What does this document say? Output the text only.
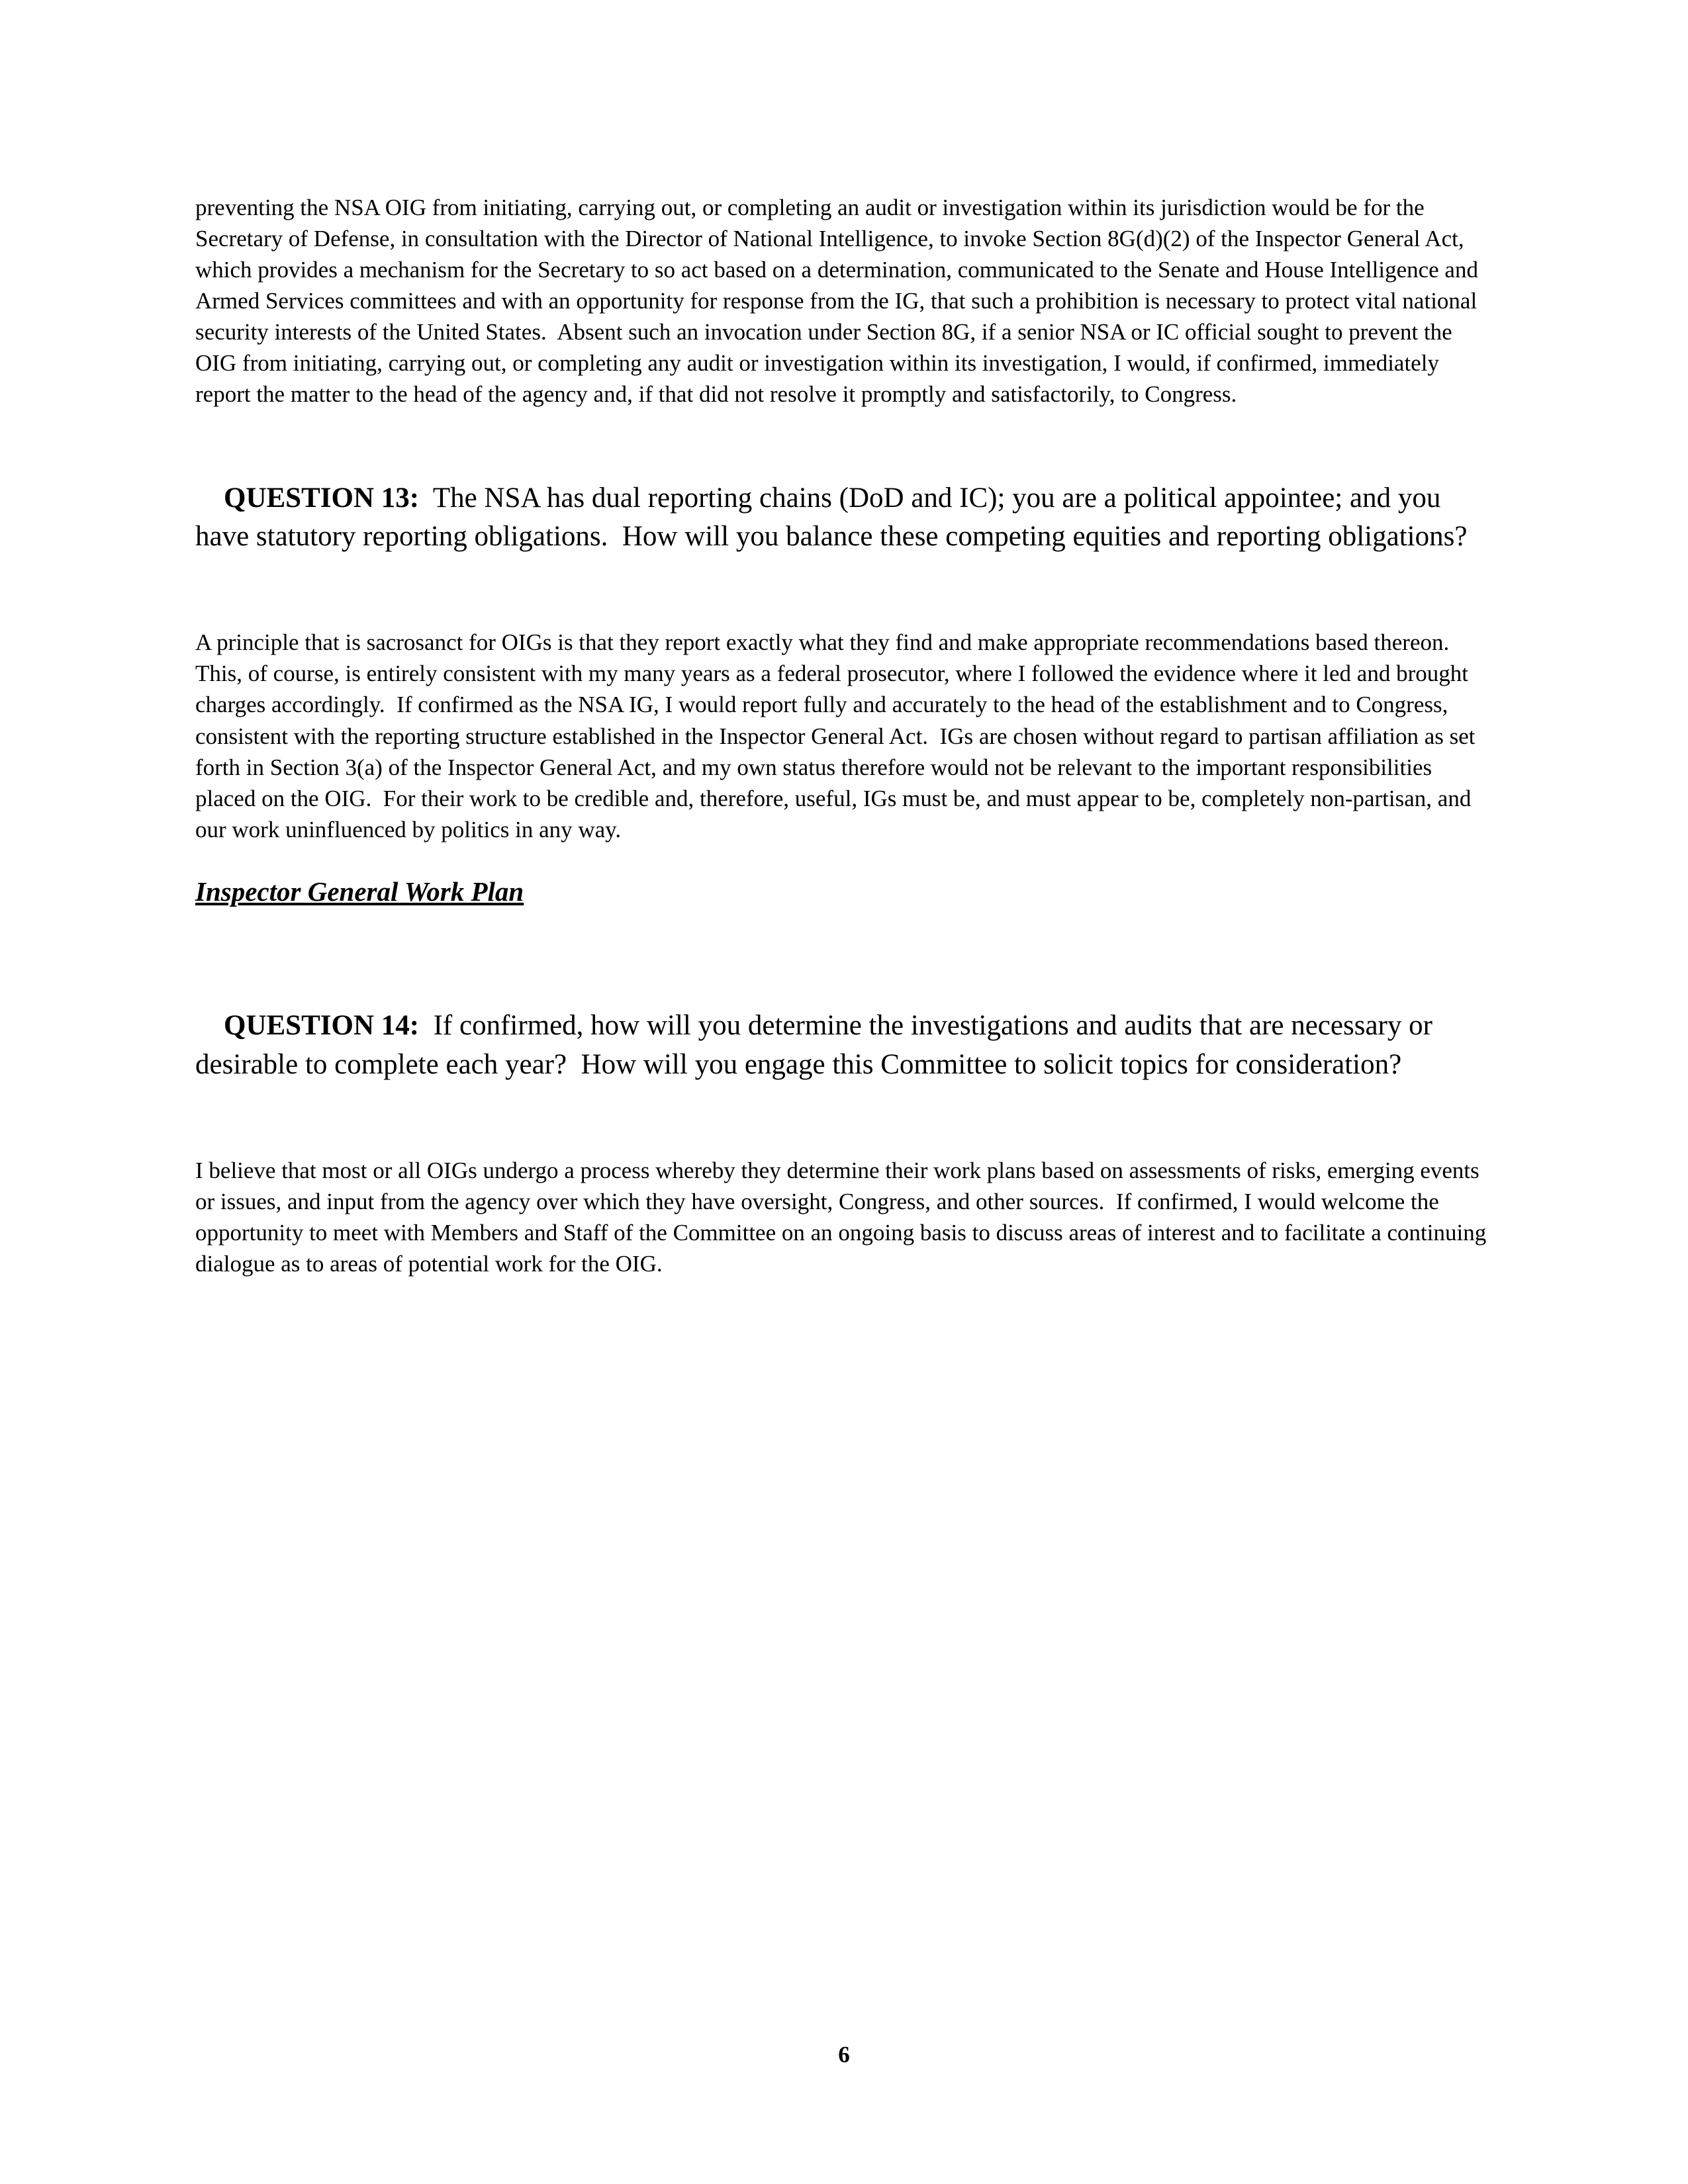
preventing the NSA OIG from initiating, carrying out, or completing an audit or investigation within its jurisdiction would be for the Secretary of Defense, in consultation with the Director of National Intelligence, to invoke Section 8G(d)(2) of the Inspector General Act, which provides a mechanism for the Secretary to so act based on a determination, communicated to the Senate and House Intelligence and Armed Services committees and with an opportunity for response from the IG, that such a prohibition is necessary to protect vital national security interests of the United States.  Absent such an invocation under Section 8G, if a senior NSA or IC official sought to prevent the OIG from initiating, carrying out, or completing any audit or investigation within its investigation, I would, if confirmed, immediately report the matter to the head of the agency and, if that did not resolve it promptly and satisfactorily, to Congress.

QUESTION 13:  The NSA has dual reporting chains (DoD and IC); you are a political appointee; and you have statutory reporting obligations.  How will you balance these competing equities and reporting obligations?

A principle that is sacrosanct for OIGs is that they report exactly what they find and make appropriate recommendations based thereon.  This, of course, is entirely consistent with my many years as a federal prosecutor, where I followed the evidence where it led and brought charges accordingly.  If confirmed as the NSA IG, I would report fully and accurately to the head of the establishment and to Congress, consistent with the reporting structure established in the Inspector General Act.  IGs are chosen without regard to partisan affiliation as set forth in Section 3(a) of the Inspector General Act, and my own status therefore would not be relevant to the important responsibilities placed on the OIG.  For their work to be credible and, therefore, useful, IGs must be, and must appear to be, completely non-partisan, and our work uninfluenced by politics in any way.

Inspector General Work Plan

QUESTION 14:  If confirmed, how will you determine the investigations and audits that are necessary or desirable to complete each year?  How will you engage this Committee to solicit topics for consideration?

I believe that most or all OIGs undergo a process whereby they determine their work plans based on assessments of risks, emerging events or issues, and input from the agency over which they have oversight, Congress, and other sources.  If confirmed, I would welcome the opportunity to meet with Members and Staff of the Committee on an ongoing basis to discuss areas of interest and to facilitate a continuing dialogue as to areas of potential work for the OIG.

6
